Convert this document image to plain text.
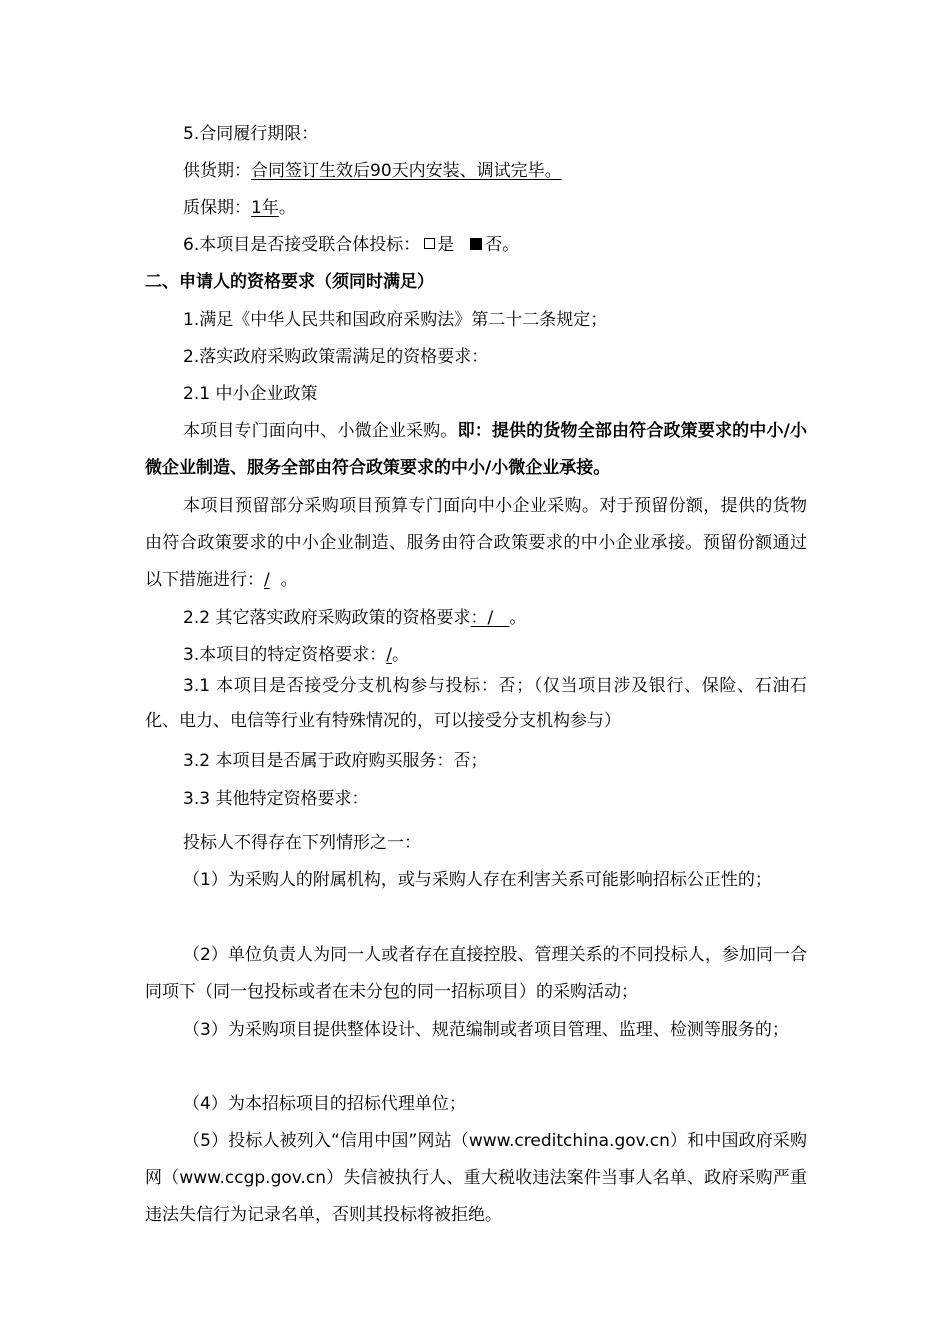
5.合同履行期限：
供货期：合同签订生效后90天内安装、调试完毕。
质保期：1年。
6.本项目是否接受联合体投标： 是 否。
二、申请人的资格要求（须同时满足）
1.满足《中华人民共和国政府采购法》第二十二条规定；
2.落实政府采购政策需满足的资格要求：
2.1 中小企业政策
本项目专门面向中、小微企业采购。即：提供的货物全部由符合政策要求的中小/小微企业制造、服务全部由符合政策要求的中小/小微企业承接。
本项目预留部分采购项目预算专门面向中小企业采购。对于预留份额，提供的货物由符合政策要求的中小企业制造、服务由符合政策要求的中小企业承接。预留份额通过以下措施进行：/ 。
2.2 其它落实政府采购政策的资格要求：/ 。
3.本项目的特定资格要求：/。
3.1 本项目是否接受分支机构参与投标：否；（仅当项目涉及银行、保险、石油石化、电力、电信等行业有特殊情况的，可以接受分支机构参与）
3.2 本项目是否属于政府购买服务：否；
3.3 其他特定资格要求：
投标人不得存在下列情形之一：
（1）为采购人的附属机构，或与采购人存在利害关系可能影响招标公正性的；
（2）单位负责人为同一人或者存在直接控股、管理关系的不同投标人，参加同一合同项下（同一包投标或者在未分包的同一招标项目）的采购活动；
（3）为采购项目提供整体设计、规范编制或者项目管理、监理、检测等服务的；
（4）为本招标项目的招标代理单位；
（5）投标人被列入“信用中国”网站（www.creditchina.gov.cn）和中国政府采购网（www.ccgp.gov.cn）失信被执行人、重大税收违法案件当事人名单、政府采购严重违法失信行为记录名单，否则其投标将被拒绝。
